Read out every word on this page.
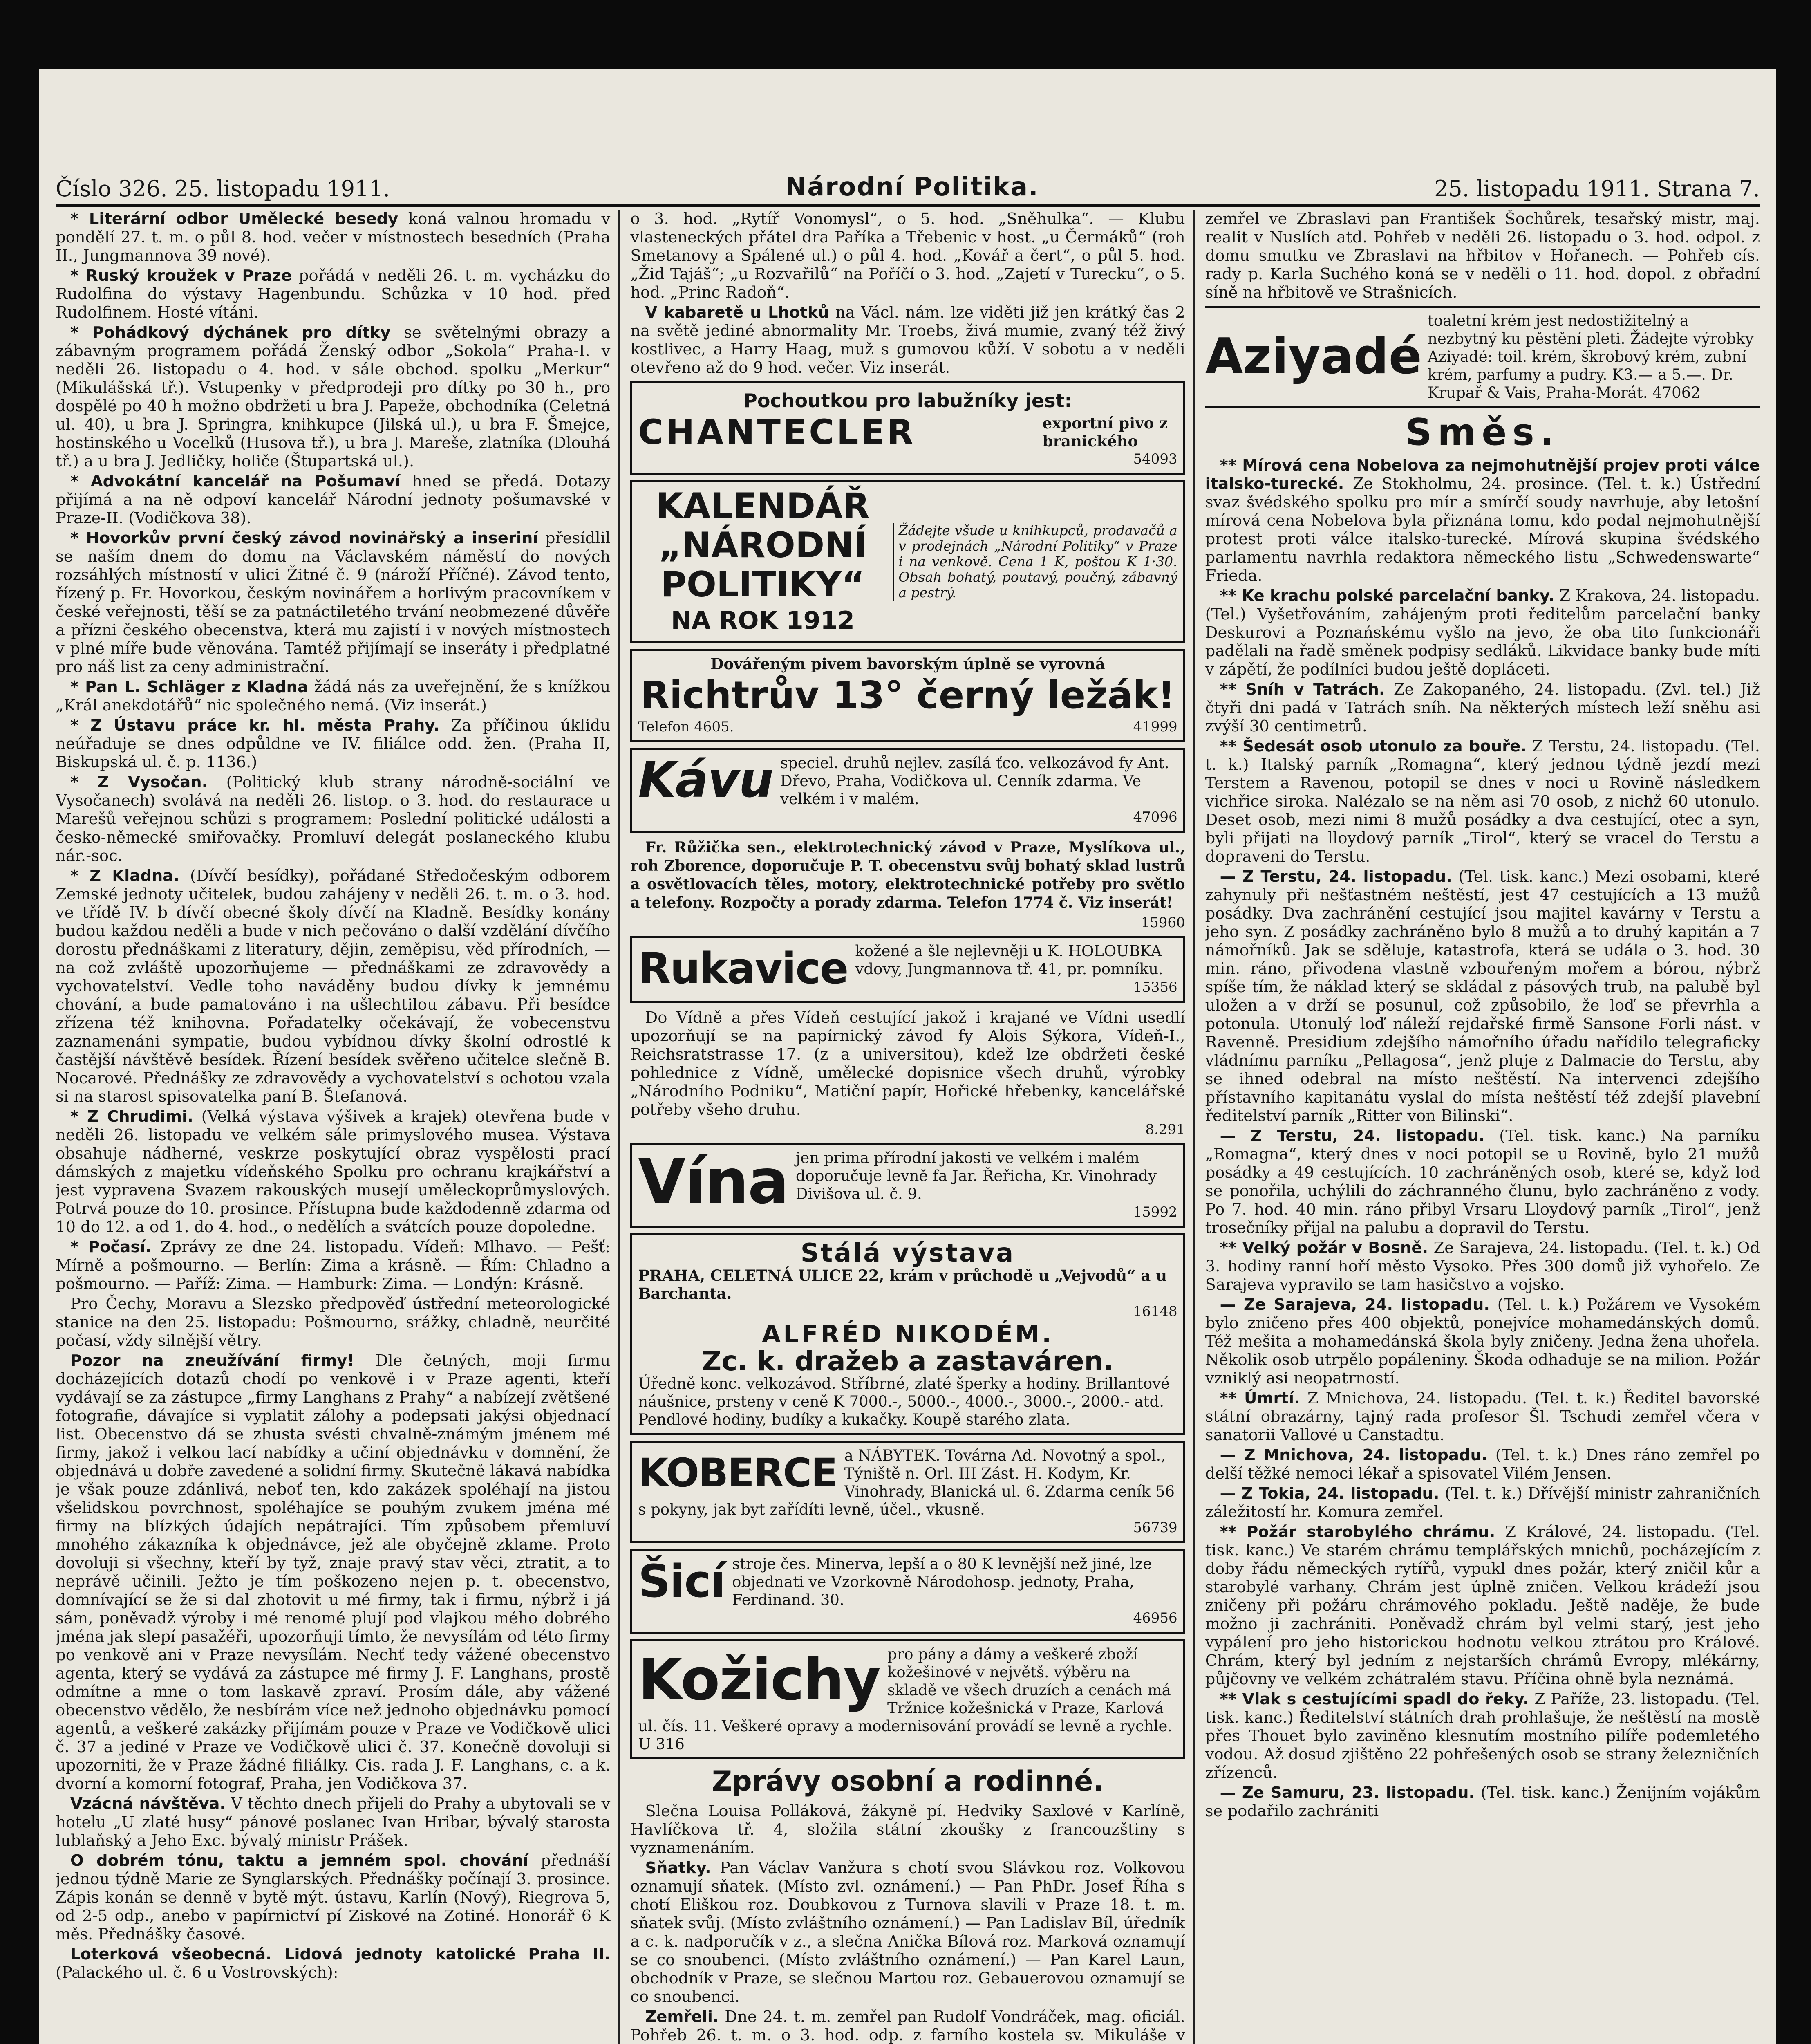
Číslo 326. 25. listopadu 1911.	Národní Politika.	25. listopadu 1911. Strana 7.

* Literární odbor Umělecké besedy koná valnou hromadu v pondělí 27. t. m. o půl 8. hod. večer v místnostech besedních (Praha II., Jungmannova 39 nové).

* Ruský kroužek v Praze pořádá v neděli 26. t. m. vycházku do Rudolfina do výstavy Hagenbundu. Schůzka v 10 hod. před Rudolfinem. Hosté vítáni.

* Pohádkový dýchánek pro dítky se světelnými obrazy a zábavným programem pořádá Ženský odbor „Sokola“ Praha-I. v neděli 26. listopadu o 4. hod. v sále obchod. spolku „Merkur“ (Mikulášská tř.). Vstupenky v předprodeji pro dítky po 30 h., pro dospělé po 40 h možno obdržeti u bra J. Papeže, obchodníka (Celetná ul. 40), u bra J. Springra, knihkupce (Jilská ul.), u bra F. Šmejce, hostinského u Vocelků (Husova tř.), u bra J. Mareše, zlatníka (Dlouhá tř.) a u bra J. Jedličky, holiče (Štupartská ul.).

* Advokátní kancelář na Pošumaví hned se předá. Dotazy přijímá a na ně odpoví kancelář Národní jednoty pošumavské v Praze-II. (Vodičkova 38).

* Hovorkův první český závod novinářský a inseriní přesídlil se naším dnem do domu na Václavském náměstí do nových rozsáhlých místností v ulici Žitné č. 9 (nároží Příčné). Závod tento, řízený p. Fr. Hovorkou, českým novinářem a horlivým pracovníkem v české veřejnosti, těší se za patnáctiletého trvání neobmezené důvěře a přízni českého obecenstva, která mu zajistí i v nových místnostech v plné míře bude věnována. Tamtéž přijímají se inseráty i předplatné pro náš list za ceny administrační.

* Pan L. Schläger z Kladna žádá nás za uveřejnění, že s knížkou „Král anekdotářů“ nic společného nemá. (Viz inserát.)

* Z Ústavu práce kr. hl. města Prahy. Za příčinou úklidu neúřaduje se dnes odpůldne ve IV. filiálce odd. žen. (Praha II, Biskupská ul. č. p. 1136.)

* Z Vysočan. (Politický klub strany národně-sociální ve Vysočanech) svolává na neděli 26. listop. o 3. hod. do restaurace u Marešů veřejnou schůzi s programem: Poslední politické události a česko-německé smiřovačky. Promluví delegát poslaneckého klubu nár.-soc.

* Z Kladna. (Dívčí besídky), pořádané Středočeským odborem Zemské jednoty učitelek, budou zahájeny v neděli 26. t. m. o 3. hod. ve třídě IV. b dívčí obecné školy dívčí na Kladně. Besídky konány budou každou neděli a bude v nich pečováno o další vzdělání dívčího dorostu přednáškami z literatury, dějin, zeměpisu, věd přírodních, — na což zvláště upozorňujeme — přednáškami ze zdravovědy a vychovatelství. Vedle toho naváděny budou dívky k jemnému chování, a bude pamatováno i na ušlechtilou zábavu. Při besídce zřízena též knihovna. Pořadatelky očekávají, že vobecenstvu zaznamenáni sympatie, budou vybídnou dívky školní odrostlé k častější návštěvě besídek. Řízení besídek svěřeno učitelce slečně B. Nocarové. Přednášky ze zdravovědy a vychovatelství s ochotou vzala si na starost spisovatelka paní B. Štefanová.

* Z Chrudimi. (Velká výstava výšivek a krajek) otevřena bude v neděli 26. listopadu ve velkém sále primyslového musea. Výstava obsahuje nádherné, veskrze poskytující obraz vyspělosti prací dámských z majetku vídeňského Spolku pro ochranu krajkářství a jest vypravena Svazem rakouských musejí uměleckoprůmyslových. Potrvá pouze do 10. prosince. Přístupna bude každodenně zdarma od 10 do 12. a od 1. do 4. hod., o nedělích a svátcích pouze dopoledne.

* Počasí. Zprávy ze dne 24. listopadu. Vídeň: Mlhavo. — Pešť: Mírně a pošmourno. — Berlín: Zima a krásně. — Řím: Chladno a pošmourno. — Paříž: Zima. — Hamburk: Zima. — Londýn: Krásně.

Pro Čechy, Moravu a Slezsko předpověď ústřední meteorologické stanice na den 25. listopadu: Pošmourno, srážky, chladně, neurčité počasí, vždy silnější větry.

Pozor na zneužívání firmy! Dle četných, moji firmu docházejících dotazů chodí po venkově i v Praze agenti, kteří vydávají se za zástupce „firmy Langhans z Prahy“ a nabízejí zvětšené fotografie, dávajíce si vyplatit zálohy a podepsati jakýsi objednací list. Obecenstvo dá se zhusta svésti chvalně-známým jménem mé firmy, jakož i velkou lací nabídky a učiní objednávku v domnění, že objednává u dobře zavedené a solidní firmy. Skutečně lákavá nabídka je však pouze zdánlivá, neboť ten, kdo zakázek spoléhají na jistou všelidskou povrchnost, spoléhajíce se pouhým zvukem jména mé firmy na blízkých údajích nepátrajíci. Tím způsobem přemluví mnohého zákazníka k objednávce, jež ale obyčejně zklame. Proto dovoluji si všechny, kteří by tyž, znaje pravý stav věci, ztratit, a to neprávě učinili. Ježto je tím poškozeno nejen p. t. obecenstvo, domnívající se že si dal zhotovit u mé firmy, tak i firmu, nýbrž i já sám, poněvadž výroby i mé renomé plují pod vlajkou mého dobrého jména jak slepí pasažéři, upozorňuji tímto, že nevysílám od této firmy po venkově ani v Praze nevysílám. Nechť tedy vážené obecenstvo agenta, který se vydává za zástupce mé firmy J. F. Langhans, prostě odmítne a mne o tom laskavě zpraví. Prosím dále, aby vážené obecenstvo vědělo, že nesbírám více než jednoho objednávku pomocí agentů, a veškeré zakázky přijímám pouze v Praze ve Vodičkově ulici č. 37 a jediné v Praze ve Vodičkově ulici č. 37. Konečně dovoluji si upozorniti, že v Praze žádné filiálky. Cis. rada J. F. Langhans, c. a k. dvorní a komorní fotograf, Praha, jen Vodičkova 37.

Vzácná návštěva. V těchto dnech přijeli do Prahy a ubytovali se v hotelu „U zlaté husy“ pánové poslanec Ivan Hribar, bývalý starosta lublaňský a Jeho Exc. bývalý ministr Prášek.

O dobrém tónu, taktu a jemném spol. chování přednáší jednou týdně Marie ze Synglarských. Přednášky počínají 3. prosince. Zápis konán se denně v bytě mýt. ústavu, Karlín (Nový), Riegrova 5, od 2-5 odp., anebo v papírnictví pí Ziskové na Zotiné. Honorář 6 K měs. Přednášky časové.

Loterková všeobecná. Lidová jednoty katolické Praha II. (Palackého ul. č. 6 u Vostrovských):

o 3. hod. „Rytíř Vonomysl“, o 5. hod. „Sněhulka“. — Klubu vlasteneckých přátel dra Paříka a Třebenic v host. „u Čermáků“ (roh Smetanovy a Spálené ul.) o půl 4. hod. „Kovář a čert“, o půl 5. hod. „Žid Tajáš“; „u Rozvařilů“ na Poříčí o 3. hod. „Zajetí v Turecku“, o 5. hod. „Princ Radoň“.

V kabaretě u Lhotků na Václ. nám. lze viděti již jen krátký čas 2 na světě jediné abnormality Mr. Troebs, živá mumie, zvaný též živý kostlivec, a Harry Haag, muž s gumovou kůží. V sobotu a v neděli otevřeno až do 9 hod. večer. Viz inserát.

Pochoutkou pro labužníky jest:
CHANTECLER	exportní pivo z branického
54093
KALENDÁŘ
„NÁRODNÍ
POLITIKY“
NA ROK 1912
Žádejte všude u knihkupců, prodavačů a v prodejnách „Národní Politiky“ v Praze i na venkově. Cena 1 K, poštou K 1·30. Obsah bohatý, poutavý, poučný, zábavný a pestrý.
Dovářeným pivem bavorským úplně se vyrovná
Richtrův 13° černý ležák!
Telefon 4605.	41999
Kávu speciel. druhů nejlev. zasílá ťco. velkozávod fy Ant. Dřevo, Praha, Vodičkova ul. Cenník zdarma. Ve velkém i v malém.
47096

Fr. Růžička sen., elektrotechnický závod v Praze, Myslíkova ul., roh Zborence, doporučuje P. T. obecenstvu svůj bohatý sklad lustrů a osvětlovacích těles, motory, elektrotechnické potřeby pro světlo a telefony. Rozpočty a porady zdarma. Telefon 1774 č. Viz inserát!

15960
Rukavice kožené a šle nejlevněji u K. HOLOUBKA vdovy, Jungmannova tř. 41, pr. pomníku.
15356

Do Vídně a přes Vídeň cestující jakož i krajané ve Vídni usedlí upozorňují se na papírnický závod fy Alois Sýkora, Vídeň-I., Reichsratstrasse 17. (z a universitou), kdež lze obdržeti české pohlednice z Vídně, umělecké dopisnice všech druhů, výrobky „Národního Podniku“, Matiční papír, Hořické hřebenky, kancelářské potřeby všeho druhu.

8.291
Vína jen prima přírodní jakosti ve velkém i malém doporučuje levně fa Jar. Řeřicha, Kr. Vinohrady Divišova ul. č. 9.
15992
Stálá výstava
PRAHA, CELETNÁ ULICE 22, krám v průchodě u „Vejvodů“ a u Barchanta.
16148
ALFRÉD NIKODÉM.
Zc. k. dražeb a zastaváren.
Úředně konc. velkozávod. Stříbrné, zlaté šperky a hodiny. Brillantové náušnice, prsteny v ceně K 7000.-, 5000.-, 4000.-, 3000.-, 2000.- atd. Pendlové hodiny, budíky a kukačky. Koupě starého zlata.
KOBERCE a NÁBYTEK. Továrna Ad. Novotný a spol., Týniště n. Orl. III Zást. H. Kodym, Kr. Vinohrady, Blanická ul. 6. Zdarma ceník 56 s pokyny, jak byt zařídíti levně, účel., vkusně.
56739
Šicí stroje čes. Minerva, lepší a o 80 K levnější než jiné, lze objednati ve Vzorkovně Národohosp. jednoty, Praha, Ferdinand. 30.
46956
Kožichy pro pány a dámy a veškeré zboží kožešinové v největš. výběru na skladě ve všech druzích a cenách má Tržnice kožešnická v Praze, Karlová ul. čís. 11. Veškeré opravy a modernisování provádí se levně a rychle. U 316
Zprávy osobní a rodinné.

Slečna Louisa Polláková, žákyně pí. Hedviky Saxlové v Karlíně, Havlíčkova tř. 4, složila státní zkoušky z francouzštiny s vyznamenáním.

Sňatky. Pan Václav Vanžura s chotí svou Slávkou roz. Volkovou oznamují sňatek. (Místo zvl. oznámení.) — Pan PhDr. Josef Říha s chotí Eliškou roz. Doubkovou z Turnova slavili v Praze 18. t. m. sňatek svůj. (Místo zvláštního oznámení.) — Pan Ladislav Bíl, úředník a c. k. nadporučík v z., a slečna Anička Bílová roz. Marková oznamují se co snoubenci. (Místo zvláštního oznámení.) — Pan Karel Laun, obchodník v Praze, se slečnou Martou roz. Gebauerovou oznamují se co snoubenci.

Zemřeli. Dne 24. t. m. zemřel pan Rudolf Vondráček, mag. oficiál. Pohřeb 26. t. m. o 3. hod. odp. z farního kostela sv. Mikuláše v

zemřel ve Zbraslavi pan František Šochůrek, tesařský mistr, maj. realit v Nuslích atd. Pohřeb v neděli 26. listopadu o 3. hod. odpol. z domu smutku ve Zbraslavi na hřbitov v Hořanech. — Pohřeb cís. rady p. Karla Suchého koná se v neděli o 11. hod. dopol. z obřadní síně na hřbitově ve Strašnicích.

Aziyadé
toaletní krém jest nedostižitelný a nezbytný ku pěstění pleti. Žádejte výrobky Aziyadé: toil. krém, škrobový krém, zubní krém, parfumy a pudry. K3.— a 5.—. Dr. Krupař & Vais, Praha-Morát. 47062
Směs.

** Mírová cena Nobelova za nejmohutnější projev proti válce italsko-turecké. Ze Stokholmu, 24. prosince. (Tel. t. k.) Ústřední svaz švédského spolku pro mír a smírčí soudy navrhuje, aby letošní mírová cena Nobelova byla přiznána tomu, kdo podal nejmohutnější protest proti válce italsko-turecké. Mírová skupina švédského parlamentu navrhla redaktora německého listu „Schwedenswarte“ Frieda.

** Ke krachu polské parcelační banky. Z Krakova, 24. listopadu. (Tel.) Vyšetřováním, zahájeným proti ředitelům parcelační banky Deskurovi a Poznańskému vyšlo na jevo, že oba tito funkcionáři padělali na řadě směnek podpisy sedláků. Likvidace banky bude míti v zápětí, že podílníci budou ještě dopláceti.

** Sníh v Tatrách. Ze Zakopaného, 24. listopadu. (Zvl. tel.) Již čtyři dni padá v Tatrách sníh. Na některých místech leží sněhu asi zvýší 30 centimetrů.

** Šedesát osob utonulo za bouře. Z Terstu, 24. listopadu. (Tel. t. k.) Italský parník „Romagna“, který jednou týdně jezdí mezi Terstem a Ravenou, potopil se dnes v noci u Rovině následkem vichřice siroka. Nalézalo se na něm asi 70 osob, z nichž 60 utonulo. Deset osob, mezi nimi 8 mužů posádky a dva cestující, otec a syn, byli přijati na lloydový parník „Tirol“, který se vracel do Terstu a dopraveni do Terstu.

— Z Terstu, 24. listopadu. (Tel. tisk. kanc.) Mezi osobami, které zahynuly při nešťastném neštěstí, jest 47 cestujících a 13 mužů posádky. Dva zachránění cestující jsou majitel kavárny v Terstu a jeho syn. Z posádky zachráněno bylo 8 mužů a to druhý kapitán a 7 námořníků. Jak se sděluje, katastrofa, která se udála o 3. hod. 30 min. ráno, přivodena vlastně vzbouřeným mořem a bórou, nýbrž spíše tím, že náklad který se skládal z pásových trub, na palubě byl uložen a v drží se posunul, což způsobilo, že loď se převrhla a potonula. Utonulý loď náleží rejdařské firmě Sansone Forli nást. v Ravenně. Presidium zdejšího námořního úřadu nařídilo telegraficky vládnímu parníku „Pellagosa“, jenž pluje z Dalmacie do Terstu, aby se ihned odebral na místo neštěstí. Na intervenci zdejšího přístavního kapitanátu vyslal do místa neštěstí též zdejší plavební ředitelství parník „Ritter von Bilinski“.

— Z Terstu, 24. listopadu. (Tel. tisk. kanc.) Na parníku „Romagna“, který dnes v noci potopil se u Rovině, bylo 21 mužů posádky a 49 cestujících. 10 zachráněných osob, které se, když loď se ponořila, uchýlili do záchranného člunu, bylo zachráněno z vody. Po 7. hod. 40 min. ráno přibyl Vrsaru Lloydový parník „Tirol“, jenž trosečníky přijal na palubu a dopravil do Terstu.

** Velký požár v Bosně. Ze Sarajeva, 24. listopadu. (Tel. t. k.) Od 3. hodiny ranní hoří město Vysoko. Přes 300 domů již vyhořelo. Ze Sarajeva vypravilo se tam hasičstvo a vojsko.

— Ze Sarajeva, 24. listopadu. (Tel. t. k.) Požárem ve Vysokém bylo zničeno přes 400 objektů, ponejvíce mohamedánských domů. Též mešita a mohamedánská škola byly zničeny. Jedna žena uhořela. Několik osob utrpělo popáleniny. Škoda odhaduje se na milion. Požár vzniklý asi neopatrností.

** Úmrtí. Z Mnichova, 24. listopadu. (Tel. t. k.) Ředitel bavorské státní obrazárny, tajný rada profesor Šl. Tschudi zemřel včera v sanatorii Vallové u Canstadtu.

— Z Mnichova, 24. listopadu. (Tel. t. k.) Dnes ráno zemřel po delší těžké nemoci lékař a spisovatel Vilém Jensen.

— Z Tokia, 24. listopadu. (Tel. t. k.) Dřívější ministr zahraničních záležitostí hr. Komura zemřel.

** Požár starobylého chrámu. Z Králové, 24. listopadu. (Tel. tisk. kanc.) Ve starém chrámu templářských mnichů, pocházejícím z doby řádu německých rytířů, vypukl dnes požár, který zničil kůr a starobylé varhany. Chrám jest úplně zničen. Velkou krádeží jsou zničeny při požáru chrámového pokladu. Ještě naděje, že bude možno ji zachrániti. Poněvadž chrám byl velmi starý, jest jeho vypálení pro jeho historickou hodnotu velkou ztrátou pro Králové. Chrám, který byl jedním z nejstarších chrámů Evropy, mlékárny, půjčovny ve velkém zchátralém stavu. Příčina ohně byla neznámá.

** Vlak s cestujícími spadl do řeky. Z Paříže, 23. listopadu. (Tel. tisk. kanc.) Ředitelství státních drah prohlašuje, že neštěstí na mostě přes Thouet bylo zaviněno klesnutím mostního pilíře podemletého vodou. Až dosud zjištěno 22 pohřešených osob se strany železničních zřízenců.

— Ze Samuru, 23. listopadu. (Tel. tisk. kanc.) Ženijním vojákům se podařilo zachrániti
